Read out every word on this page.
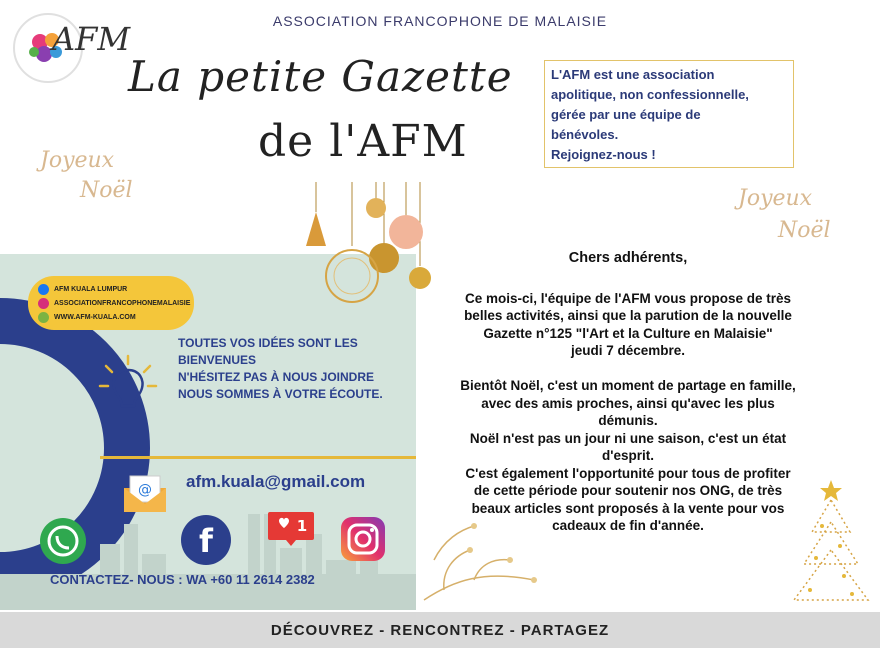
ASSOCIATION FRANCOPHONE DE MALAISIE
AFM
La petite Gazette
de l'AFM
L'AFM est une association
apolitique, non confessionnelle,
gérée par une équipe de
bénévoles.
Rejoignez-nous !
Joyeux
Noël	Joyeux
Noël
AFM KUALA LUMPUR
ASSOCIATIONFRANCOPHONEMALAISIE
WWW.AFM-KUALA.COM
TOUTES VOS IDÉES SONT LES
BIENVENUES
N'HÉSITEZ PAS À NOUS JOINDRE
NOUS SOMMES À VOTRE ÉCOUTE.
@ afm.kuala@gmail.com
f	1
CONTACTEZ- NOUS : WA +60 11 2614 2382

Chers adhérents,

Ce mois-ci, l'équipe de l'AFM vous propose de très

belles activités, ainsi que la parution de la nouvelle

Gazette n°125 "l'Art et la Culture en Malaisie"

jeudi 7 décembre.

Bientôt Noël, c'est un moment de partage en famille,

avec des amis proches, ainsi qu'avec les plus

démunis.

Noël n'est pas un jour ni une saison, c'est un état

d'esprit.

C'est également l'opportunité pour tous de profiter

de cette période pour soutenir nos ONG, de très

beaux articles sont proposés à la vente pour vos

cadeaux de fin d'année.

DÉCOUVREZ - RENCONTREZ - PARTAGEZ
